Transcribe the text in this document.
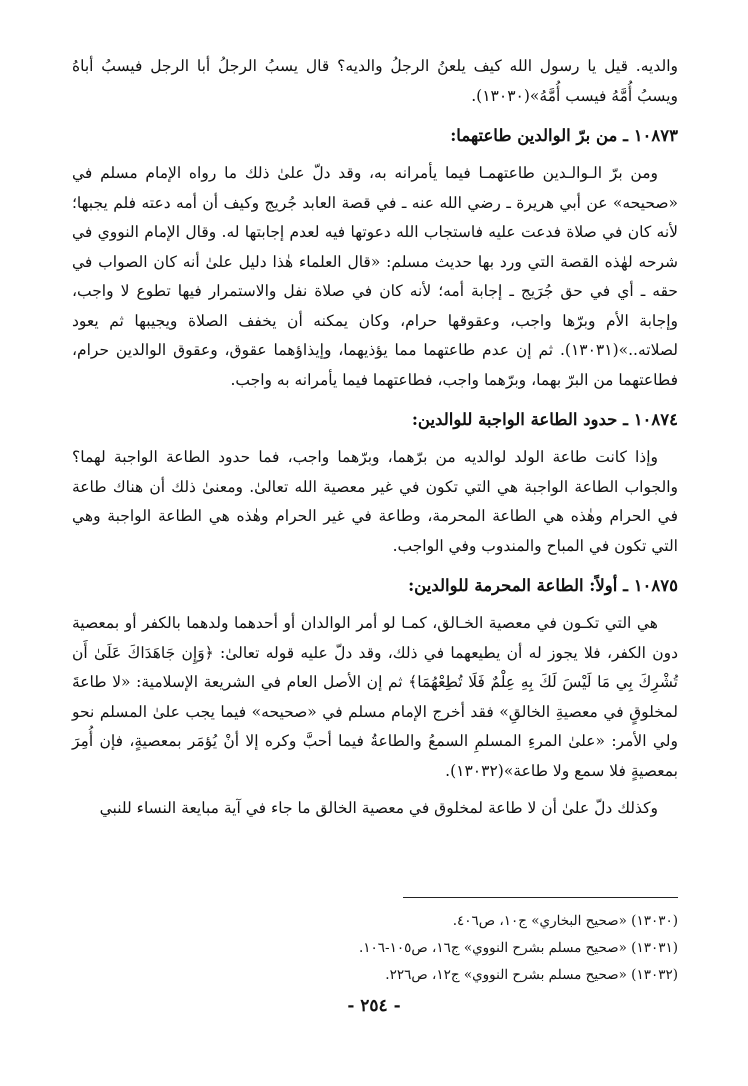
والديه. قيل يا رسول الله كيف يلعنُ الرجلُ والديه؟ قال يسبُ الرجلُ أبا الرجل فيسبُ أباهُ ويسبُ أُمَّهُ فيسب أُمَّهُ»(١٣٠٣٠).

١٠٨٧٣ ـ من برّ الوالدين طاعتهما:

ومن برّ الـوالـدين طاعتهمـا فيما يأمرانه به، وقد دلّ علىٰ ذلك ما رواه الإمام مسلم في «صحيحه» عن أبي هريرة ـ رضي الله عنه ـ في قصة العابد جُريج وكيف أن أمه دعته فلم يجبها؛ لأنه كان في صلاة فدعت عليه فاستجاب الله دعوتها فيه لعدم إجابتها له. وقال الإمام النووي في شرحه لهٰذه القصة التي ورد بها حديث مسلم: «قال العلماء هٰذا دليل علىٰ أنه كان الصواب في حقه ـ أي في حق جُرَيج ـ إجابة أمه؛ لأنه كان في صلاة نفل والاستمرار فيها تطوع لا واجب، وإجابة الأم وبرّها واجب، وعقوقها حرام، وكان يمكنه أن يخفف الصلاة ويجيبها ثم يعود لصلاته..»(١٣٠٣١). ثم إن عدم طاعتهما مما يؤذيهما، وإيذاؤهما عقوق، وعقوق الوالدين حرام، فطاعتهما من البرّ بهما، وبرّهما واجب، فطاعتهما فيما يأمرانه به واجب.

١٠٨٧٤ ـ حدود الطاعة الواجبة للوالدين:

وإذا كانت طاعة الولد لوالديه من برّهما، وبرّهما واجب، فما حدود الطاعة الواجبة لهما؟ والجواب الطاعة الواجبة هي التي تكون في غير معصية الله تعالىٰ. ومعنىٰ ذلك أن هناك طاعة في الحرام وهٰذه هي الطاعة المحرمة، وطاعة في غير الحرام وهٰذه هي الطاعة الواجبة وهي التي تكون في المباح والمندوب وفي الواجب.

١٠٨٧٥ ـ أولاً: الطاعة المحرمة للوالدين:

هي التي تكـون في معصية الخـالق، كمـا لو أمر الوالدان أو أحدهما ولدهما بالكفر أو بمعصية دون الكفر، فلا يجوز له أن يطيعهما في ذلك، وقد دلّ عليه قوله تعالىٰ: ﴿وَإِن جَاهَدَاكَ عَلَىٰ أَن تُشْرِكَ بِي مَا لَيْسَ لَكَ بِهِ عِلْمٌ فَلَا تُطِعْهُمَا﴾ ثم إن الأصل العام في الشريعة الإسلامية: «لا طاعةَ لمخلوقٍ في معصيةِ الخالقِ» فقد أخرج الإمام مسلم في «صحيحه» فيما يجب علىٰ المسلم نحو ولي الأمر: «علىٰ المرءِ المسلمِ السمعُ والطاعةُ فيما أحبَّ وكره إلا أنْ يُؤمَر بمعصيةٍ، فإن أُمِرَ بمعصيةٍ فلا سمع ولا طاعة»(١٣٠٣٢).

وكذلك دلّ علىٰ أن لا طاعة لمخلوق في معصية الخالق ما جاء في آية مبايعة النساء للنبي

(١٣٠٣٠) «صحيح البخاري» ج١٠، ص٤٠٦.

(١٣٠٣١) «صحيح مسلم بشرح النووي» ج١٦، ص١٠٥-١٠٦.

(١٣٠٣٢) «صحيح مسلم بشرح النووي» ج١٢، ص٢٢٦.

- ٢٥٤ -
